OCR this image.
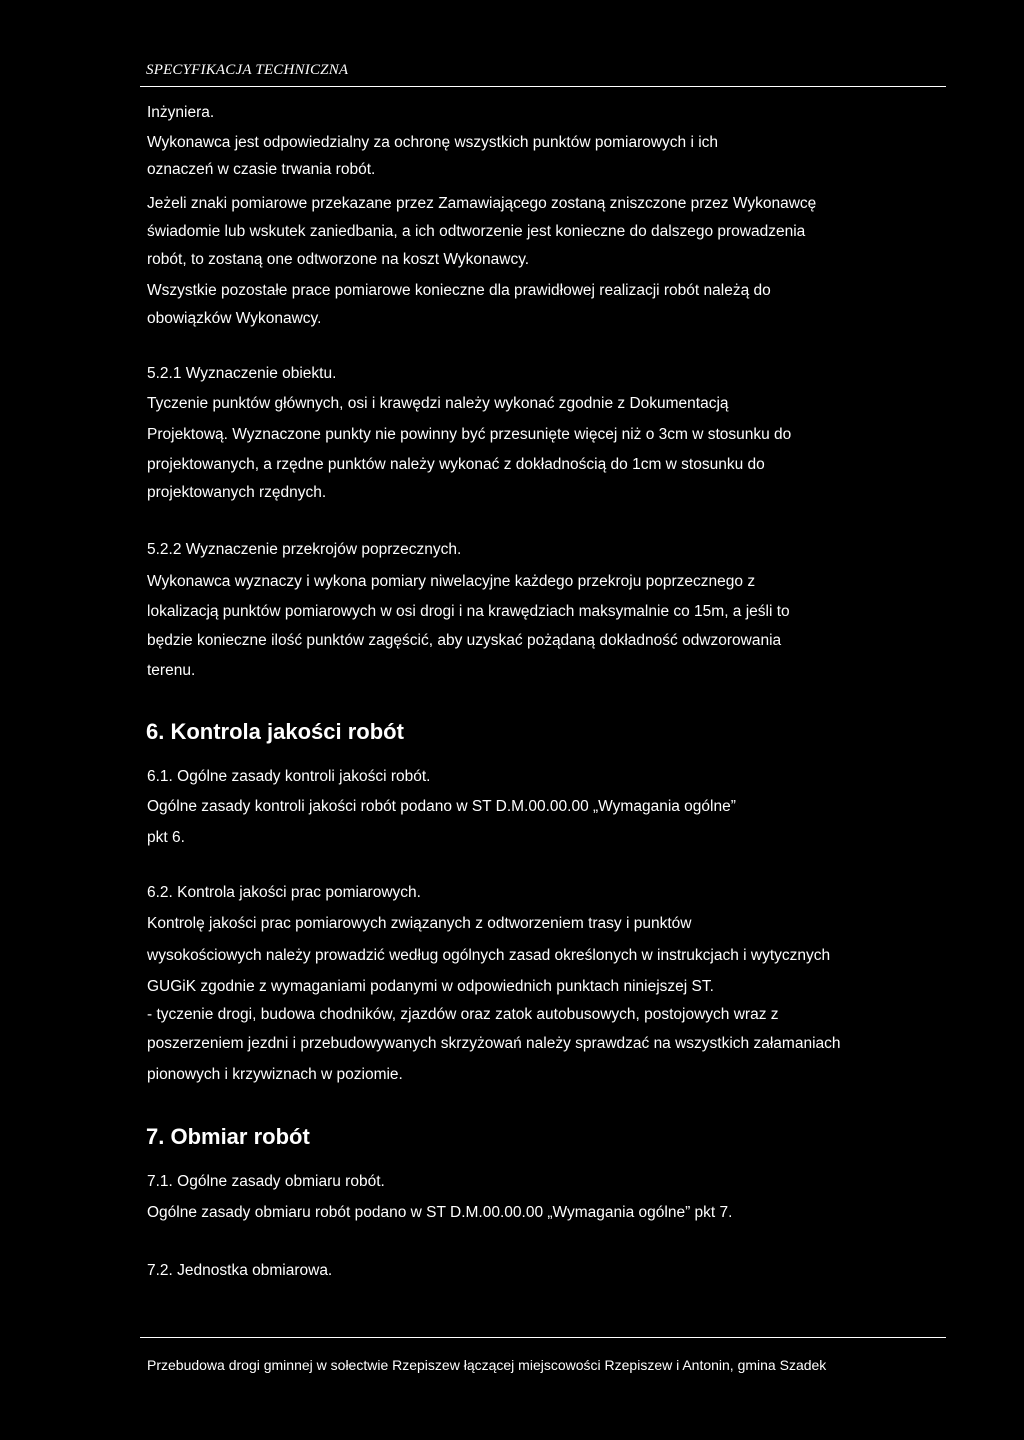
SPECYFIKACJA TECHNICZNA
Inżyniera.
Wykonawca jest odpowiedzialny za ochronę wszystkich punktów pomiarowych i ich
oznaczeń w czasie trwania robót.
Jeżeli znaki pomiarowe przekazane przez Zamawiającego zostaną zniszczone przez Wykonawcę
świadomie lub wskutek zaniedbania, a ich odtworzenie jest konieczne do dalszego prowadzenia
robót, to zostaną one odtworzone na koszt Wykonawcy.
Wszystkie pozostałe prace pomiarowe konieczne dla prawidłowej realizacji robót należą do
obowiązków Wykonawcy.
5.2.1 Wyznaczenie obiektu.
Tyczenie punktów głównych, osi i krawędzi należy wykonać zgodnie z Dokumentacją
Projektową. Wyznaczone punkty nie powinny być przesunięte więcej niż o 3cm w stosunku do
projektowanych, a rzędne punktów należy wykonać z dokładnością do 1cm w stosunku do
projektowanych rzędnych.
5.2.2 Wyznaczenie przekrojów poprzecznych.
Wykonawca wyznaczy i wykona pomiary niwelacyjne każdego przekroju poprzecznego z
lokalizacją punktów pomiarowych w osi drogi i na krawędziach maksymalnie co 15m, a jeśli to
będzie konieczne ilość punktów zagęścić, aby uzyskać pożądaną dokładność odwzorowania
terenu.
6. Kontrola jakości robót
6.1. Ogólne zasady kontroli jakości robót.
Ogólne zasady kontroli jakości robót podano w ST D.M.00.00.00 „Wymagania ogólne”
pkt 6.
6.2. Kontrola jakości prac pomiarowych.
Kontrolę jakości prac pomiarowych związanych z odtworzeniem trasy i punktów
wysokościowych należy prowadzić według ogólnych zasad określonych w instrukcjach i wytycznych
GUGiK zgodnie z wymaganiami podanymi w odpowiednich punktach niniejszej ST.
- tyczenie drogi, budowa chodników, zjazdów oraz zatok autobusowych, postojowych wraz z
poszerzeniem jezdni i przebudowywanych skrzyżowań należy sprawdzać na wszystkich załamaniach
pionowych i krzywiznach w poziomie.
7. Obmiar robót
7.1. Ogólne zasady obmiaru robót.
Ogólne zasady obmiaru robót podano w ST D.M.00.00.00 „Wymagania ogólne” pkt 7.
7.2. Jednostka obmiarowa.
Przebudowa drogi gminnej w sołectwie Rzepiszew łączącej miejscowości Rzepiszew i Antonin, gmina Szadek
